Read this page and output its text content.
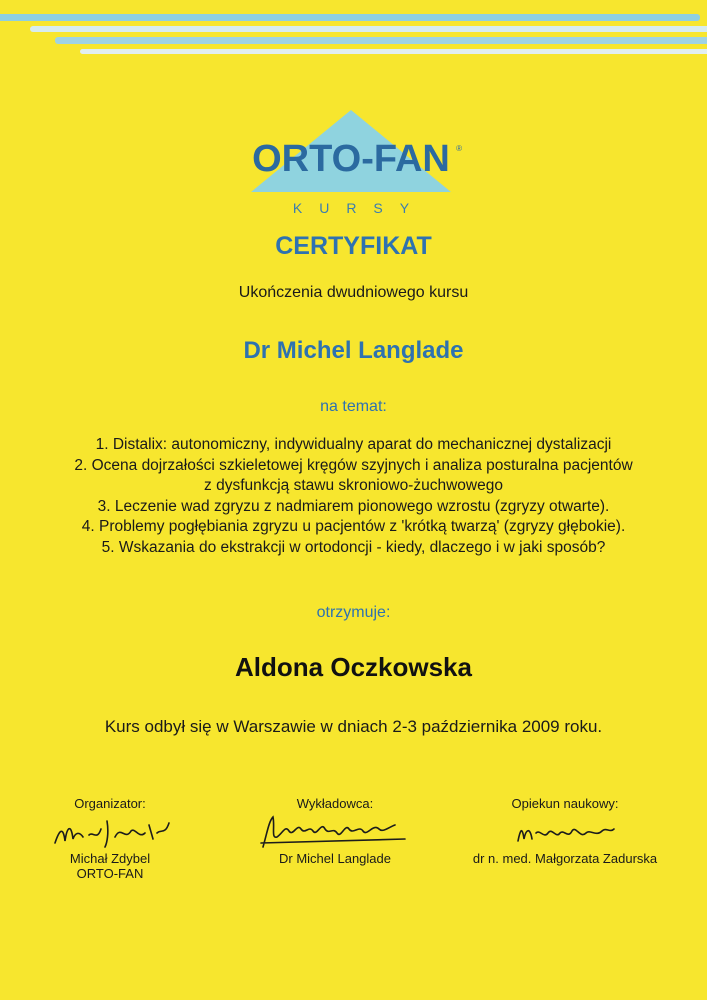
ORTO-FAN ®
KURSY
CERTYFIKAT
Ukończenia dwudniowego kursu
Dr Michel Langlade
na temat:
1. Distalix: autonomiczny, indywidualny aparat do mechanicznej dystalizacji
2. Ocena dojrzałości szkieletowej kręgów szyjnych i analiza posturalna pacjentów
z dysfunkcją stawu skroniowo-żuchwowego
3. Leczenie wad zgryzu z nadmiarem pionowego wzrostu (zgryzy otwarte).
4. Problemy pogłębiania zgryzu u pacjentów z 'krótką twarzą' (zgryzy głębokie).
5. Wskazania do ekstrakcji w ortodoncji - kiedy, dlaczego i w jaki sposób?
otrzymuje:
Aldona Oczkowska
Kurs odbył się w Warszawie w dniach 2-3 października 2009 roku.
Organizator:
Michał Zdybel
ORTO-FAN
Wykładowca:
Dr Michel Langlade
Opiekun naukowy:
dr n. med. Małgorzata Zadurska
